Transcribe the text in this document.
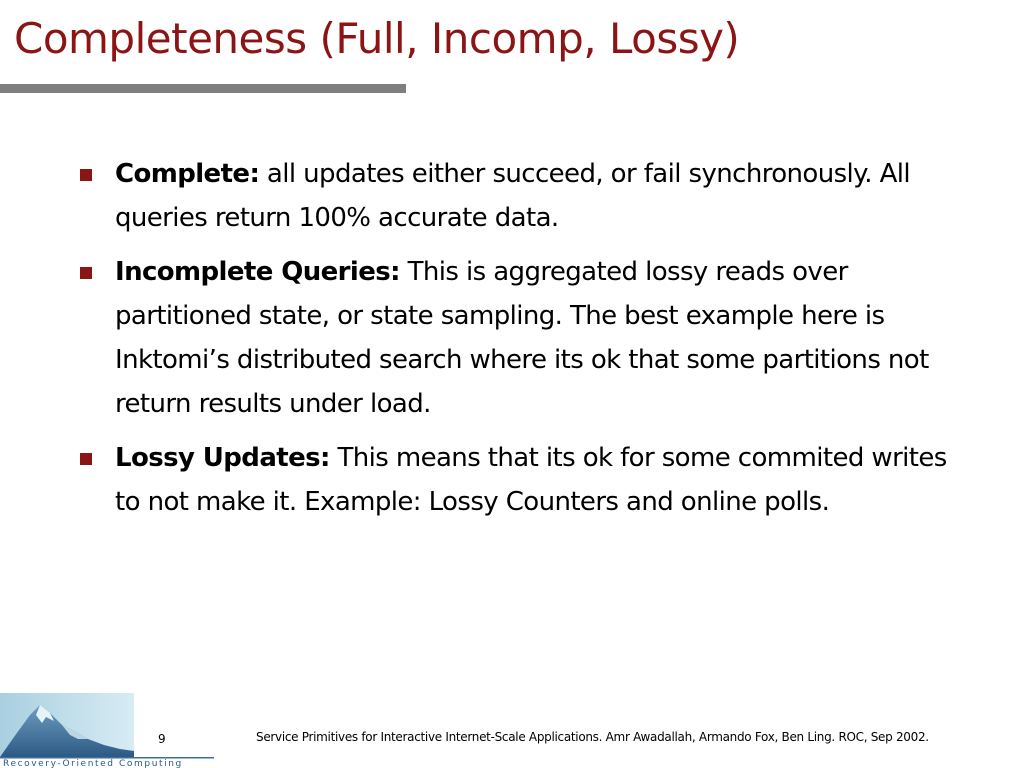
Completeness (Full, Incomp, Lossy)
Complete: all updates either succeed, or fail synchronously. All queries return 100% accurate data.
Incomplete Queries: This is aggregated lossy reads over partitioned state, or state sampling. The best example here is Inktomi’s distributed search where its ok that some partitions not return results under load.
Lossy Updates: This means that its ok for some commited writes to not make it. Example: Lossy Counters and online polls.
Recovery-Oriented Computing
9	Service Primitives for Interactive Internet-Scale Applications. Amr Awadallah, Armando Fox, Ben Ling. ROC, Sep 2002.
